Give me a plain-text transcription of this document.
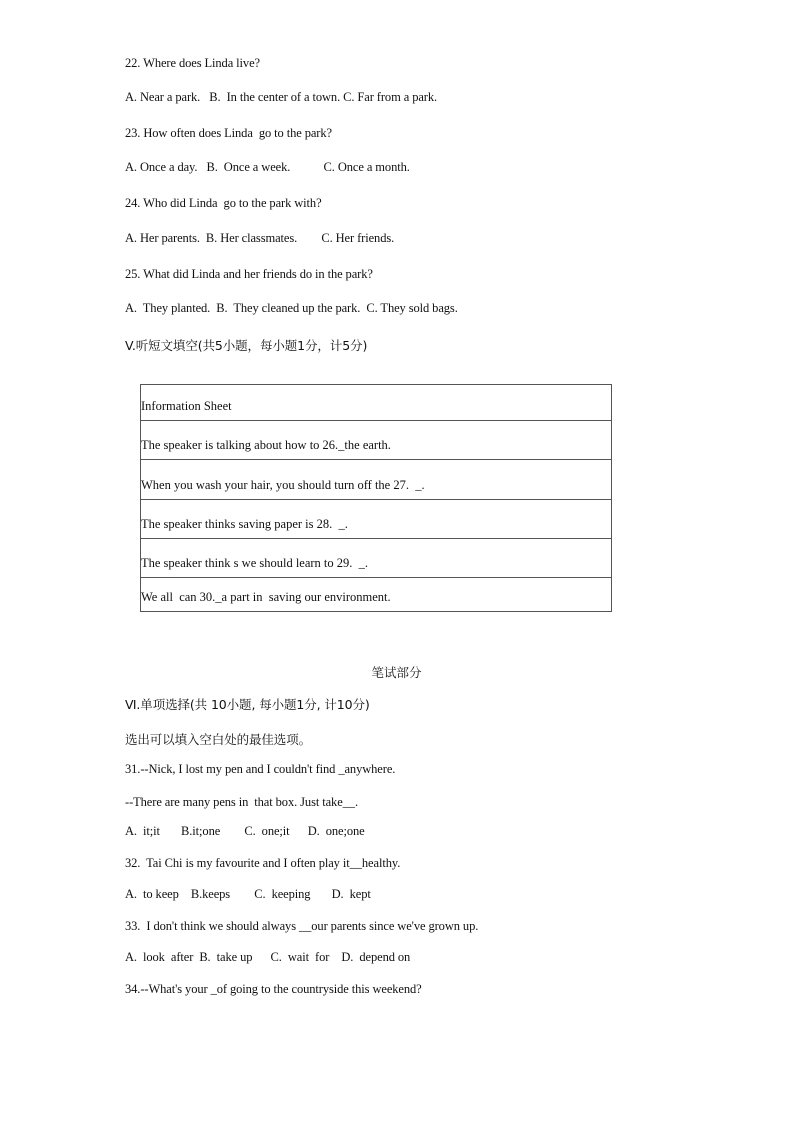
22. Where does Linda live?
A. Near a park.   B.  In the center of a town. C. Far from a park.
23. How often does Linda  go to the park?
A. Once a day.   B.  Once a week.           C. Once a month.
24. Who did Linda  go to the park with?
A. Her parents.  B. Her classmates.        C. Her friends.
25. What did Linda and her friends do in the park?
A.  They planted.  B.  They cleaned up the park.  C. They sold bags.
V.听短文填空(共5小题，每小题1分，计5分)
Information Sheet
The speaker is talking about how to 26._the earth.
When you wash your hair, you should turn off the 27.  _.
The speaker thinks saving paper is 28.  _.
The speaker think s we should learn to 29.  _.
We all  can 30._a part in  saving our environment.
笔试部分
Ⅵ.单项选择(共 10小题, 每小题1分, 计10分)
选出可以填入空白处的最佳选项。
31.--Nick, I lost my pen and I couldn't find _anywhere.
--There are many pens in  that box. Just take__.
A.  it;it       B.it;one        C.  one;it      D.  one;one
32.  Tai Chi is my favourite and I often play it__healthy.
A.  to keep    B.keeps        C.  keeping       D.  kept
33.  I don't think we should always __our parents since we've grown up.
A.  look  after  B.  take up      C.  wait  for    D.  depend on
34.--What's your _of going to the countryside this weekend?
